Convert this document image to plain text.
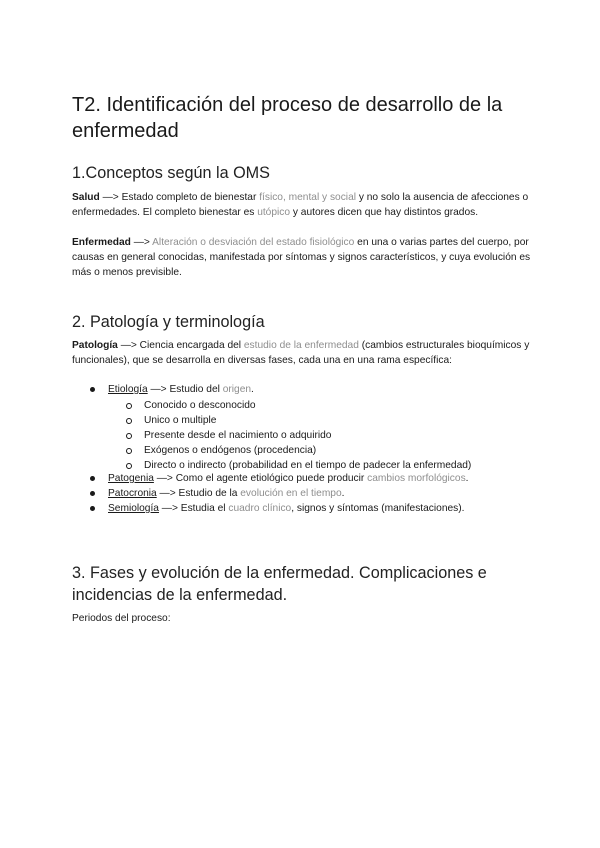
T2. Identificación del proceso de desarrollo de la enfermedad
1.Conceptos según la OMS

Salud —> Estado completo de bienestar físico, mental y social y no solo la ausencia de afecciones o enfermedades. El completo bienestar es utópico y autores dicen que hay distintos grados.

Enfermedad —> Alteración o desviación del estado fisiológico en una o varias partes del cuerpo, por causas en general conocidas, manifestada por síntomas y signos característicos, y cuya evolución es más o menos previsible.

2. Patología y terminología

Patología —> Ciencia encargada del estudio de la enfermedad (cambios estructurales bioquímicos y funcionales), que se desarrolla en diversas fases, cada una en una rama específica:

Etiología —> Estudio del origen.
Conocido o desconocido
Unico o multiple
Presente desde el nacimiento o adquirido
Exógenos o endógenos (procedencia)
Directo o indirecto (probabilidad en el tiempo de padecer la enfermedad)
Patogenia —> Como el agente etiológico puede producir cambios morfológicos.
Patocronia —> Estudio de la evolución en el tiempo.
Semiología —> Estudia el cuadro clínico, signos y síntomas (manifestaciones).
3. Fases y evolución de la enfermedad. Complicaciones e incidencias de la enfermedad.

Periodos del proceso:
